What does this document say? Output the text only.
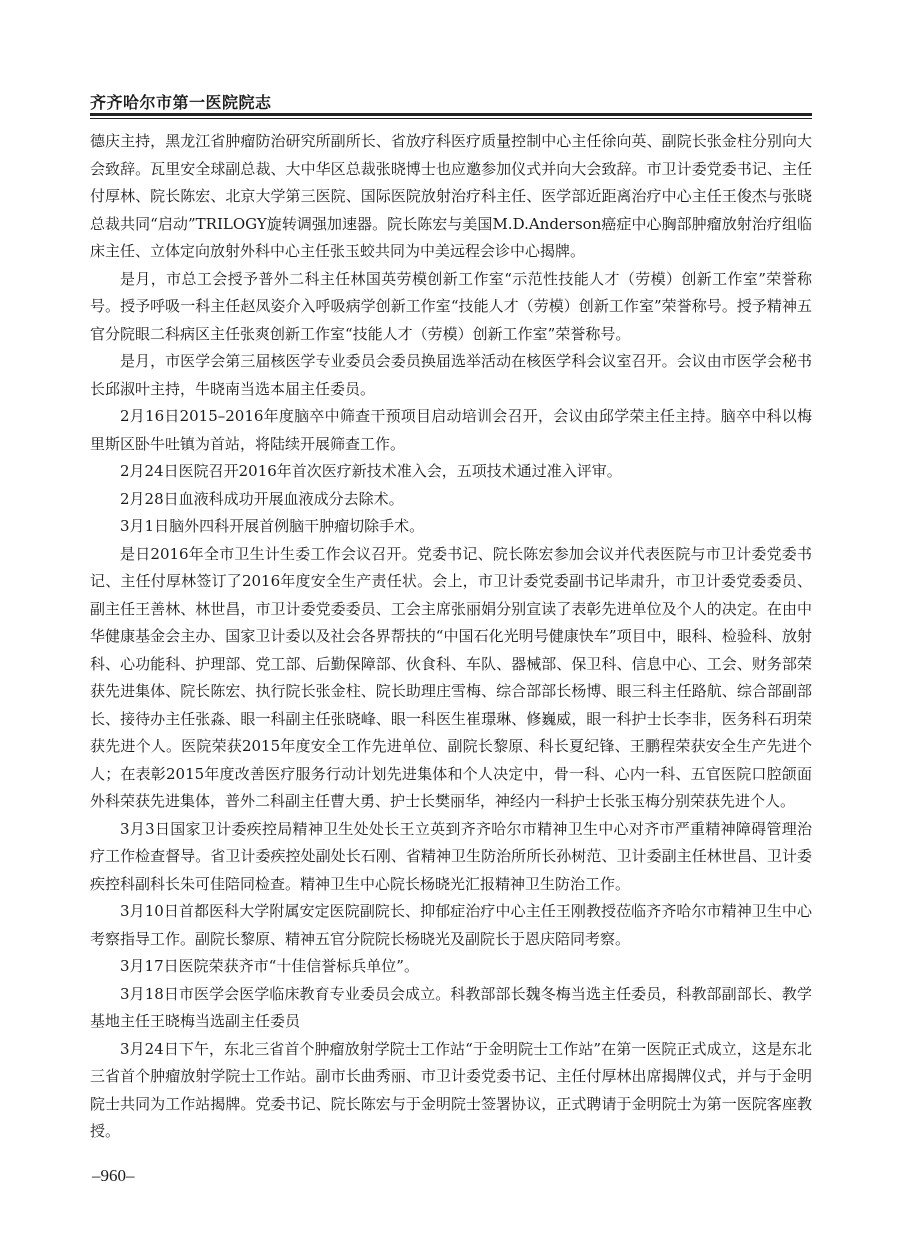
齐齐哈尔市第一医院院志

德庆主持，黑龙江省肿瘤防治研究所副所长、省放疗科医疗质量控制中心主任徐向英、副院长张金柱分别向大会致辞。瓦里安全球副总裁、大中华区总裁张晓博士也应邀参加仪式并向大会致辞。市卫计委党委书记、主任付厚林、院长陈宏、北京大学第三医院、国际医院放射治疗科主任、医学部近距离治疗中心主任王俊杰与张晓总裁共同“启动”TRILOGY旋转调强加速器。院长陈宏与美国M.D.Anderson癌症中心胸部肿瘤放射治疗组临床主任、立体定向放射外科中心主任张玉蛟共同为中美远程会诊中心揭牌。

是月，市总工会授予普外二科主任林国英劳模创新工作室“示范性技能人才（劳模）创新工作室”荣誉称号。授予呼吸一科主任赵凤姿介入呼吸病学创新工作室“技能人才（劳模）创新工作室”荣誉称号。授予精神五官分院眼二科病区主任张爽创新工作室“技能人才（劳模）创新工作室”荣誉称号。

是月，市医学会第三届核医学专业委员会委员换届选举活动在核医学科会议室召开。会议由市医学会秘书长邱淑叶主持，牛晓南当选本届主任委员。

2月16日2015–2016年度脑卒中筛查干预项目启动培训会召开，会议由邱学荣主任主持。脑卒中科以梅里斯区卧牛吐镇为首站，将陆续开展筛查工作。

2月24日医院召开2016年首次医疗新技术准入会，五项技术通过准入评审。

2月28日血液科成功开展血液成分去除术。

3月1日脑外四科开展首例脑干肿瘤切除手术。

是日2016年全市卫生计生委工作会议召开。党委书记、院长陈宏参加会议并代表医院与市卫计委党委书记、主任付厚林签订了2016年度安全生产责任状。会上，市卫计委党委副书记毕肃升，市卫计委党委委员、副主任王善林、林世昌，市卫计委党委委员、工会主席张丽娟分别宣读了表彰先进单位及个人的决定。在由中华健康基金会主办、国家卫计委以及社会各界帮扶的“中国石化光明号健康快车”项目中，眼科、检验科、放射科、心功能科、护理部、党工部、后勤保障部、伙食科、车队、器械部、保卫科、信息中心、工会、财务部荣获先进集体、院长陈宏、执行院长张金柱、院长助理庄雪梅、综合部部长杨博、眼三科主任路航、综合部副部长、接待办主任张淼、眼一科副主任张晓峰、眼一科医生崔璟琳、修巍威，眼一科护士长李非，医务科石玥荣获先进个人。医院荣获2015年度安全工作先进单位、副院长黎原、科长夏纪锋、王鹏程荣获安全生产先进个人；在表彰2015年度改善医疗服务行动计划先进集体和个人决定中，骨一科、心内一科、五官医院口腔颌面外科荣获先进集体，普外二科副主任曹大勇、护士长樊丽华，神经内一科护士长张玉梅分别荣获先进个人。

3月3日国家卫计委疾控局精神卫生处处长王立英到齐齐哈尔市精神卫生中心对齐市严重精神障碍管理治疗工作检查督导。省卫计委疾控处副处长石刚、省精神卫生防治所所长孙树范、卫计委副主任林世昌、卫计委疾控科副科长朱可佳陪同检查。精神卫生中心院长杨晓光汇报精神卫生防治工作。

3月10日首都医科大学附属安定医院副院长、抑郁症治疗中心主任王刚教授莅临齐齐哈尔市精神卫生中心考察指导工作。副院长黎原、精神五官分院院长杨晓光及副院长于恩庆陪同考察。

3月17日医院荣获齐市“十佳信誉标兵单位”。

3月18日市医学会医学临床教育专业委员会成立。科教部部长魏冬梅当选主任委员，科教部副部长、教学基地主任王晓梅当选副主任委员

3月24日下午，东北三省首个肿瘤放射学院士工作站“于金明院士工作站”在第一医院正式成立，这是东北三省首个肿瘤放射学院士工作站。副市长曲秀丽、市卫计委党委书记、主任付厚林出席揭牌仪式，并与于金明院士共同为工作站揭牌。党委书记、院长陈宏与于金明院士签署协议，正式聘请于金明院士为第一医院客座教授。

–960–
